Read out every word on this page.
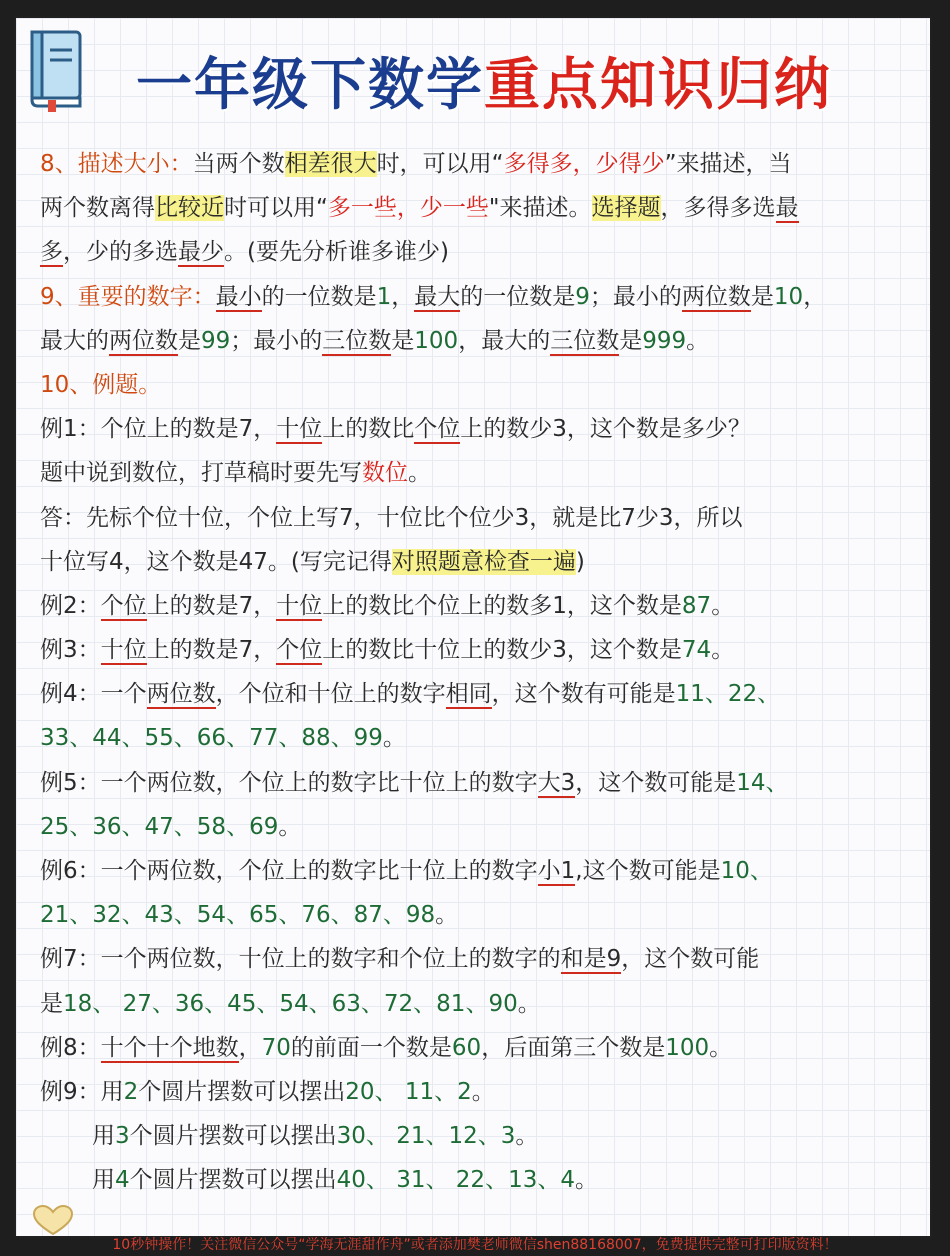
一年级下数学重点知识归纳
8、描述大小：当两个数相差很大时，可以用“多得多，少得少”来描述，当
两个数离得比较近时可以用“多一些，少一些"来描述。选择题，多得多选最
多，少的多选最少。(要先分析谁多谁少)
9、重要的数字：最小的一位数是1，最大的一位数是9；最小的两位数是10，
最大的两位数是99；最小的三位数是100，最大的三位数是999。
10、例题。
例1：个位上的数是7，十位上的数比个位上的数少3，这个数是多少？
题中说到数位，打草稿时要先写数位。
答：先标个位十位，个位上写7，十位比个位少3，就是比7少3，所以
十位写4，这个数是47。(写完记得对照题意检查一遍)
例2：个位上的数是7，十位上的数比个位上的数多1，这个数是87。
例3：十位上的数是7，个位上的数比十位上的数少3，这个数是74。
例4：一个两位数，个位和十位上的数字相同，这个数有可能是11、22、
33、44、55、66、77、88、99。
例5：一个两位数，个位上的数字比十位上的数字大3，这个数可能是14、
25、36、47、58、69。
例6：一个两位数，个位上的数字比十位上的数字小1,这个数可能是10、
21、32、43、54、65、76、87、98。
例7：一个两位数，十位上的数字和个位上的数字的和是9，这个数可能
是18、 27、36、45、54、63、72、81、90。
例8：十个十个地数，70的前面一个数是60，后面第三个数是100。
例9：用2个圆片摆数可以摆出20、 11、2。
用3个圆片摆数可以摆出30、 21、12、3。
用4个圆片摆数可以摆出40、 31、 22、13、4。
10秒钟操作！关注微信公众号“学海无涯甜作舟”或者添加樊老师微信shen88168007，免费提供完整可打印版资料！
